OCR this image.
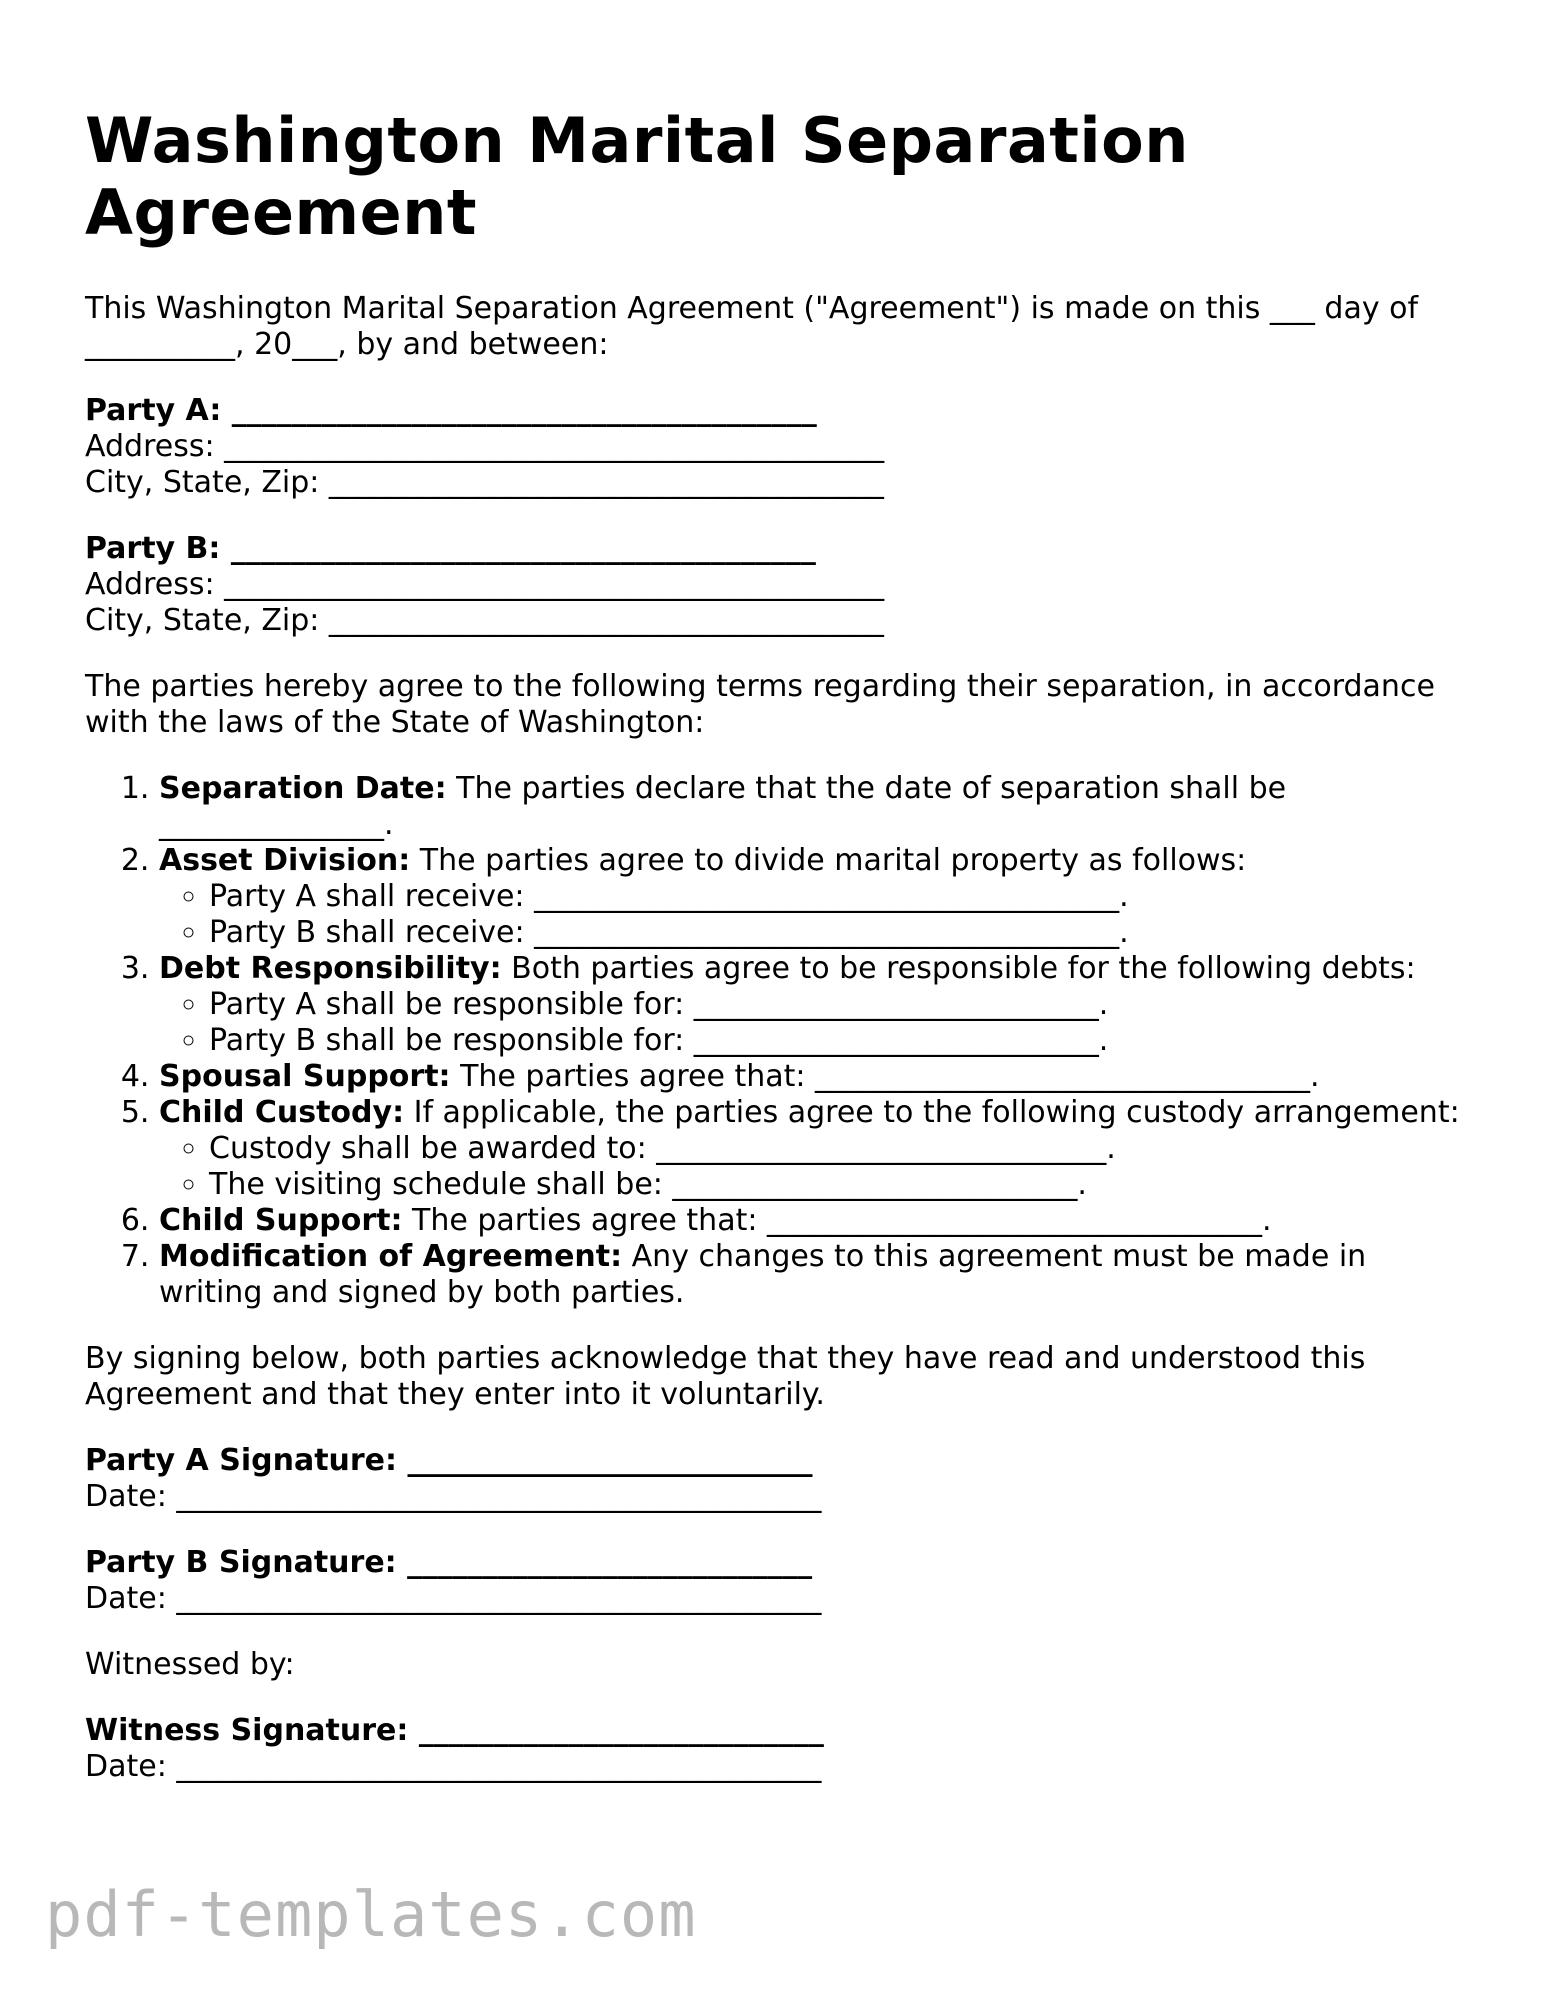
Washington Marital Separation Agreement

This Washington Marital Separation Agreement ("Agreement") is made on this ___ day of __________, 20___, by and between:

Party A: _______________________________________
Address: ____________________________________________
City, State, Zip: _____________________________________
Party B: _______________________________________
Address: ____________________________________________
City, State, Zip: _____________________________________

The parties hereby agree to the following terms regarding their separation, in accordance with the laws of the State of Washington:

1. Separation Date: The parties declare that the date of separation shall be _______________.
2. Asset Division: The parties agree to divide marital property as follows:
◦ Party A shall receive: _______________________________________.
◦ Party B shall receive: _______________________________________.
3. Debt Responsibility: Both parties agree to be responsible for the following debts:
◦ Party A shall be responsible for: ___________________________.
◦ Party B shall be responsible for: ___________________________.
4. Spousal Support: The parties agree that: _________________________________.
5. Child Custody: If applicable, the parties agree to the following custody arrangement:
◦ Custody shall be awarded to: ______________________________.
◦ The visiting schedule shall be: ___________________________.
6. Child Support: The parties agree that: _________________________________.
7. Modification of Agreement: Any changes to this agreement must be made in writing and signed by both parties.

By signing below, both parties acknowledge that they have read and understood this Agreement and that they enter into it voluntarily.

Party A Signature: ___________________________
Date: ___________________________________________
Party B Signature: ___________________________
Date: ___________________________________________

Witnessed by:

Witness Signature: ___________________________
Date: ___________________________________________
pdf-templates.com
